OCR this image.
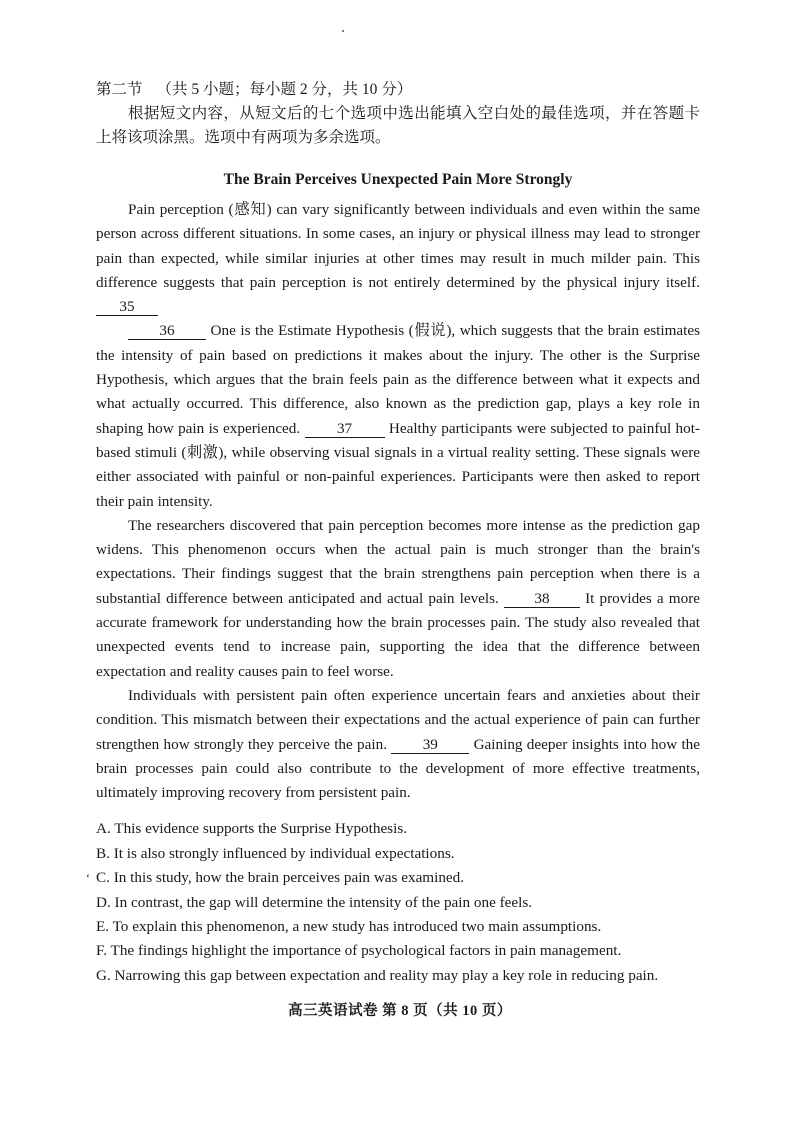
第二节 （共 5 小题；每小题 2 分，共 10 分）

根据短文内容，从短文后的七个选项中选出能填入空白处的最佳选项，并在答题卡上将该项涂黑。选项中有两项为多余选项。

The Brain Perceives Unexpected Pain More Strongly

Pain perception (感知) can vary significantly between individuals and even within the same person across different situations. In some cases, an injury or physical illness may lead to stronger pain than expected, while similar injuries at other times may result in much milder pain. This difference suggests that pain perception is not entirely determined by the physical injury itself. 35

36 One is the Estimate Hypothesis (假说), which suggests that the brain estimates the intensity of pain based on predictions it makes about the injury. The other is the Surprise Hypothesis, which argues that the brain feels pain as the difference between what it expects and what actually occurred. This difference, also known as the prediction gap, plays a key role in shaping how pain is experienced. 37 Healthy participants were subjected to painful hot-based stimuli (刺激), while observing visual signals in a virtual reality setting. These signals were either associated with painful or non-painful experiences. Participants were then asked to report their pain intensity.

The researchers discovered that pain perception becomes more intense as the prediction gap widens. This phenomenon occurs when the actual pain is much stronger than the brain's expectations. Their findings suggest that the brain strengthens pain perception when there is a substantial difference between anticipated and actual pain levels. 38 It provides a more accurate framework for understanding how the brain processes pain. The study also revealed that unexpected events tend to increase pain, supporting the idea that the difference between expectation and reality causes pain to feel worse.

Individuals with persistent pain often experience uncertain fears and anxieties about their condition. This mismatch between their expectations and the actual experience of pain can further strengthen how strongly they perceive the pain. 39 Gaining deeper insights into how the brain processes pain could also contribute to the development of more effective treatments, ultimately improving recovery from persistent pain.

A. This evidence supports the Surprise Hypothesis.

B. It is also strongly influenced by individual expectations.

‘ C. In this study, how the brain perceives pain was examined.

D. In contrast, the gap will determine the intensity of the pain one feels.

E. To explain this phenomenon, a new study has introduced two main assumptions.

F. The findings highlight the importance of psychological factors in pain management.

G. Narrowing this gap between expectation and reality may play a key role in reducing pain.

高三英语试卷 第 8 页（共 10 页）
